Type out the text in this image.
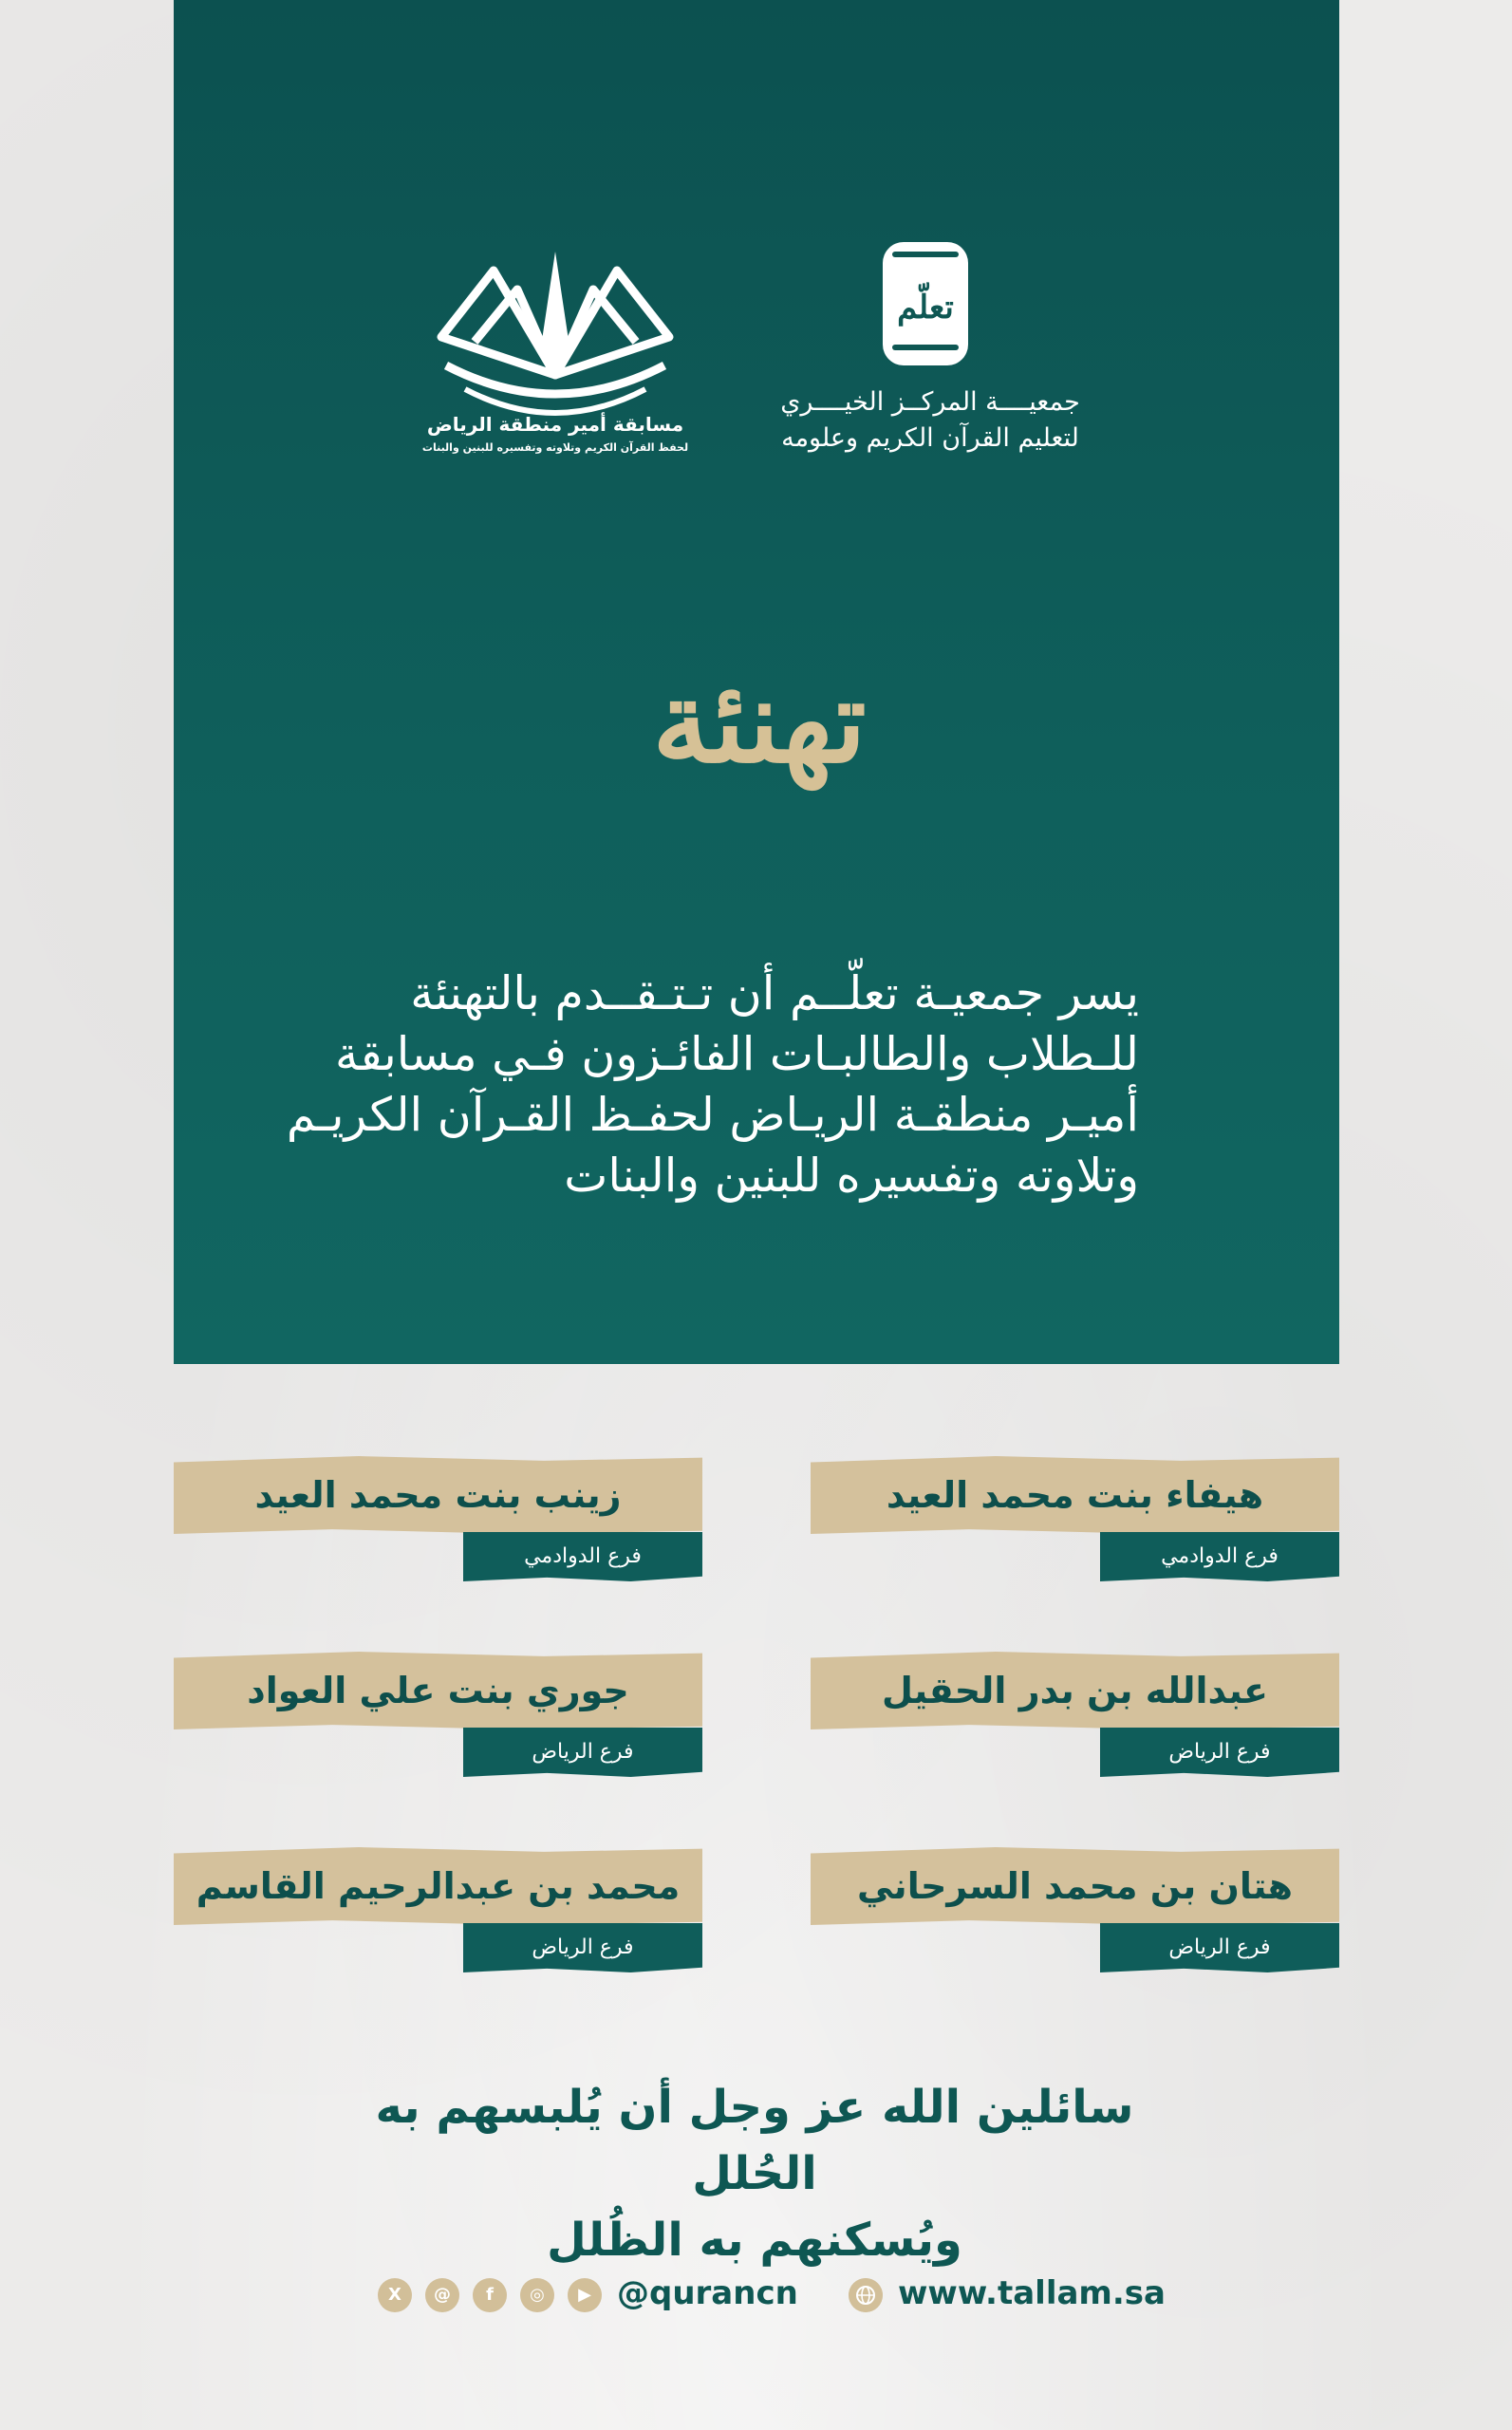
مسابقة أمير منطقة الرياض
لحفظ القرآن الكريم وتلاوته وتفسيره للبنين والبنات
تعلّم
جمعيــــة المركــز الخيــــري
لتعليم القرآن الكريم وعلومه
تهنئة
يسر جمعيـة تعلّــم أن تـتـقــدم بالتهنئة
للـطلاب والطالبـات الفائـزون فـي مسابقة
أميـر منطقـة الريـاض لحفـظ القـرآن الكريـم
وتلاوته وتفسيره للبنين والبنات
هيفاء بنت محمد العيد
فرع الدوادمي
زينب بنت محمد العيد
فرع الدوادمي
عبدالله بن بدر الحقيل
فرع الرياض
جوري بنت علي العواد
فرع الرياض
هتان بن محمد السرحاني
فرع الرياض
محمد بن عبدالرحيم القاسم
فرع الرياض
سائلين الله عز وجل أن يُلبسهم به الحُلل
ويُسكنهم به الظُلل
X	@	f	◎	▶ @qurancn	www.tallam.sa
